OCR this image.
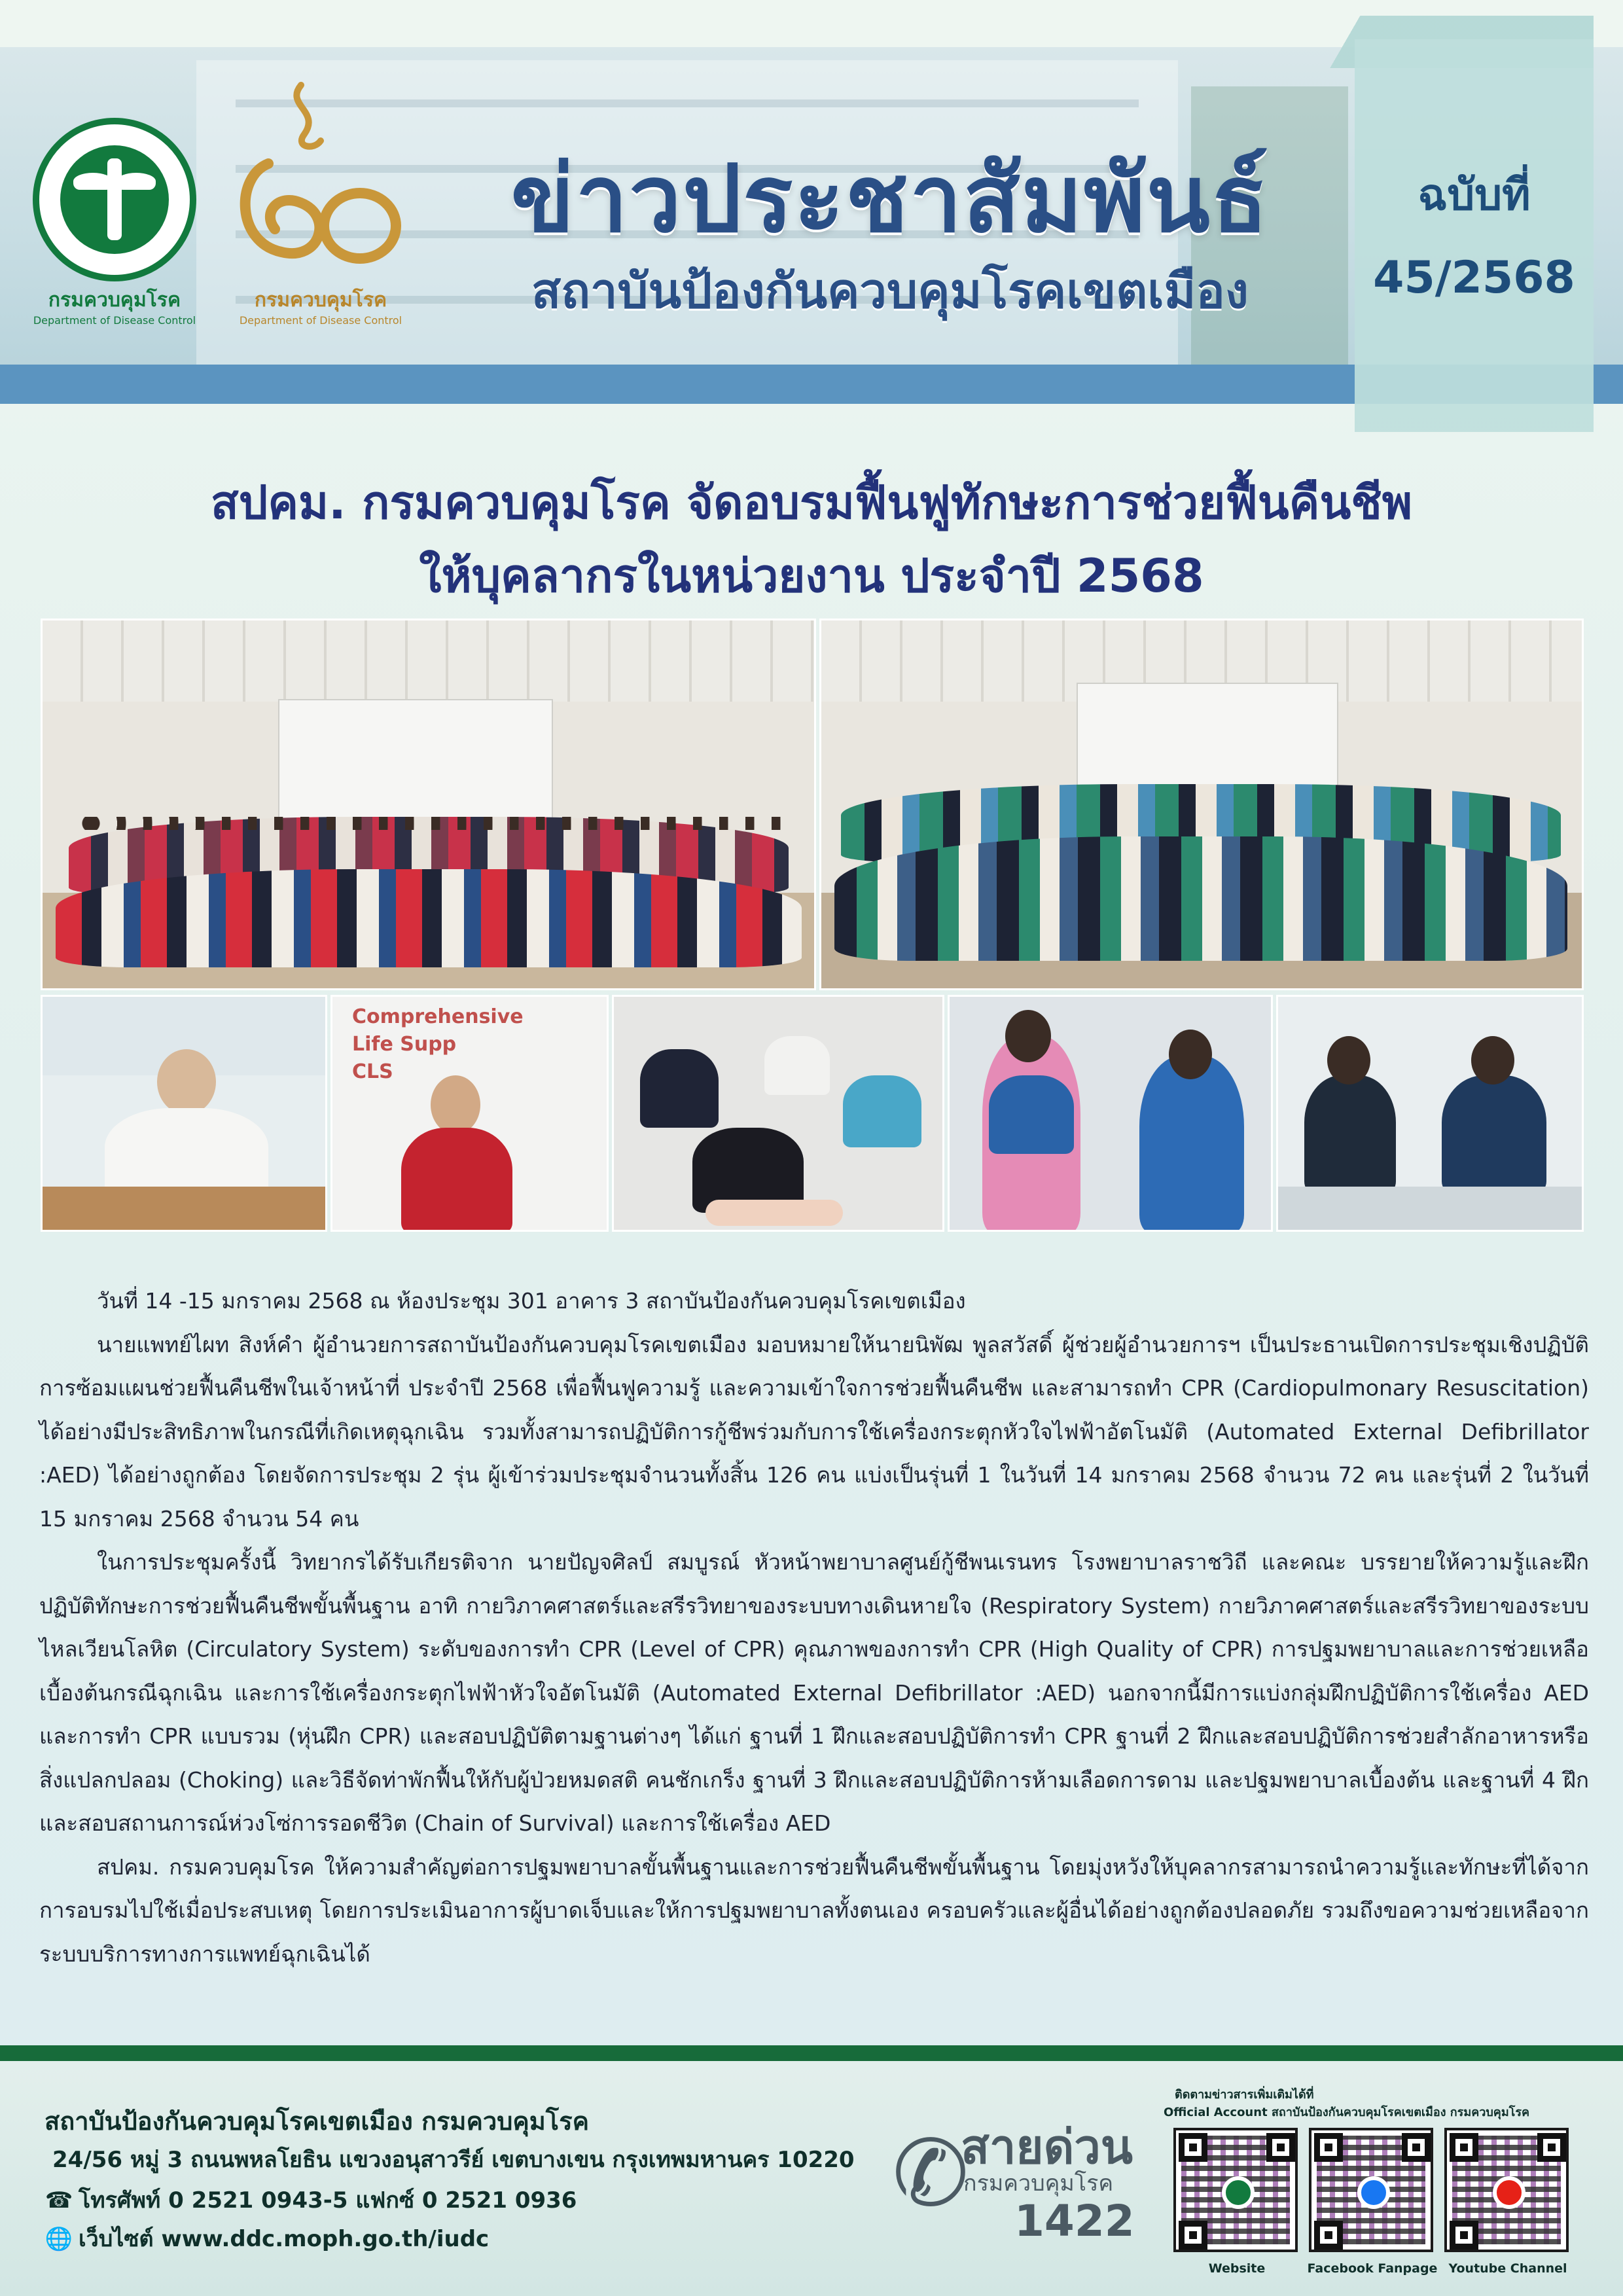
ฉบับที่
45/2568
กรมควบคุมโรค
Department of Disease Control
กรมควบคุมโรค
Department of Disease Control
ข่าวประชาสัมพันธ์
สถาบันป้องกันควบคุมโรคเขตเมือง
สปคม. กรมควบคุมโรค จัดอบรมฟื้นฟูทักษะการช่วยฟื้นคืนชีพ
ให้บุคลากรในหน่วยงาน ประจำปี 2568
Comprehensive
Life Supp
CLS

วันที่ 14 -15 มกราคม 2568 ณ ห้องประชุม 301 อาคาร 3 สถาบันป้องกันควบคุมโรคเขตเมือง

นายแพทย์ไผท สิงห์คำ ผู้อำนวยการสถาบันป้องกันควบคุมโรคเขตเมือง มอบหมายให้นายนิพัฒ พูลสวัสดิ์ ผู้ช่วยผู้อำนวยการฯ เป็นประธานเปิดการประชุมเชิงปฏิบัติการซ้อมแผนช่วยฟื้นคืนชีพในเจ้าหน้าที่ ประจำปี 2568 เพื่อฟื้นฟูความรู้ และความเข้าใจการช่วยฟื้นคืนชีพ และสามารถทำ CPR (Cardiopulmonary Resuscitation) ได้อย่างมีประสิทธิภาพในกรณีที่เกิดเหตุฉุกเฉิน รวมทั้งสามารถปฏิบัติการกู้ชีพร่วมกับการใช้เครื่องกระตุกหัวใจไฟฟ้าอัตโนมัติ (Automated External Defibrillator :AED) ได้อย่างถูกต้อง โดยจัดการประชุม 2 รุ่น ผู้เข้าร่วมประชุมจำนวนทั้งสิ้น 126 คน แบ่งเป็นรุ่นที่ 1 ในวันที่ 14 มกราคม 2568 จำนวน 72 คน และรุ่นที่ 2 ในวันที่ 15 มกราคม 2568 จำนวน 54 คน

ในการประชุมครั้งนี้ วิทยากรได้รับเกียรติจาก นายปัญจศิลป์ สมบูรณ์ หัวหน้าพยาบาลศูนย์กู้ชีพนเรนทร โรงพยาบาลราชวิถี และคณะ บรรยายให้ความรู้และฝึกปฏิบัติทักษะการช่วยฟื้นคืนชีพขั้นพื้นฐาน อาทิ กายวิภาคศาสตร์และสรีรวิทยาของระบบทางเดินหายใจ (Respiratory System) กายวิภาคศาสตร์และสรีรวิทยาของระบบไหลเวียนโลหิต (Circulatory System) ระดับของการทำ CPR (Level of CPR) คุณภาพของการทำ CPR (High Quality of CPR) การปฐมพยาบาลและการช่วยเหลือเบื้องต้นกรณีฉุกเฉิน และการใช้เครื่องกระตุกไฟฟ้าหัวใจอัตโนมัติ (Automated External Defibrillator :AED) นอกจากนี้มีการแบ่งกลุ่มฝึกปฏิบัติการใช้เครื่อง AED และการทำ CPR แบบรวม (หุ่นฝึก CPR) และสอบปฏิบัติตามฐานต่างๆ ได้แก่ ฐานที่ 1 ฝึกและสอบปฏิบัติการทำ CPR ฐานที่ 2 ฝึกและสอบปฏิบัติการช่วยสำลักอาหารหรือสิ่งแปลกปลอม (Choking) และวิธีจัดท่าพักฟื้นให้กับผู้ป่วยหมดสติ คนชักเกร็ง ฐานที่ 3 ฝึกและสอบปฏิบัติการห้ามเลือดการดาม และปฐมพยาบาลเบื้องต้น และฐานที่ 4 ฝึกและสอบสถานการณ์ห่วงโซ่การรอดชีวิต (Chain of Survival) และการใช้เครื่อง AED

สปคม. กรมควบคุมโรค ให้ความสำคัญต่อการปฐมพยาบาลขั้นพื้นฐานและการช่วยฟื้นคืนชีพขั้นพื้นฐาน โดยมุ่งหวังให้บุคลากรสามารถนำความรู้และทักษะที่ได้จากการอบรมไปใช้เมื่อประสบเหตุ โดยการประเมินอาการผู้บาดเจ็บและให้การปฐมพยาบาลทั้งตนเอง ครอบครัวและผู้อื่นได้อย่างถูกต้องปลอดภัย รวมถึงขอความช่วยเหลือจากระบบบริการทางการแพทย์ฉุกเฉินได้

สถาบันป้องกันควบคุมโรคเขตเมือง กรมควบคุมโรค
24/56 หมู่ 3 ถนนพหลโยธิน แขวงอนุสาวรีย์ เขตบางเขน กรุงเทพมหานคร 10220
☎ โทรศัพท์ 0 2521 0943-5 แฟกซ์ 0 2521 0936
🌐 เว็บไซต์ www.ddc.moph.go.th/iudc
✆
สายด่วน
กรมควบคุมโรค
1422
ติดตามข่าวสารเพิ่มเติมได้ที่
Official Account สถาบันป้องกันควบคุมโรคเขตเมือง กรมควบคุมโรค
Website	Facebook Fanpage Youtube Channel
